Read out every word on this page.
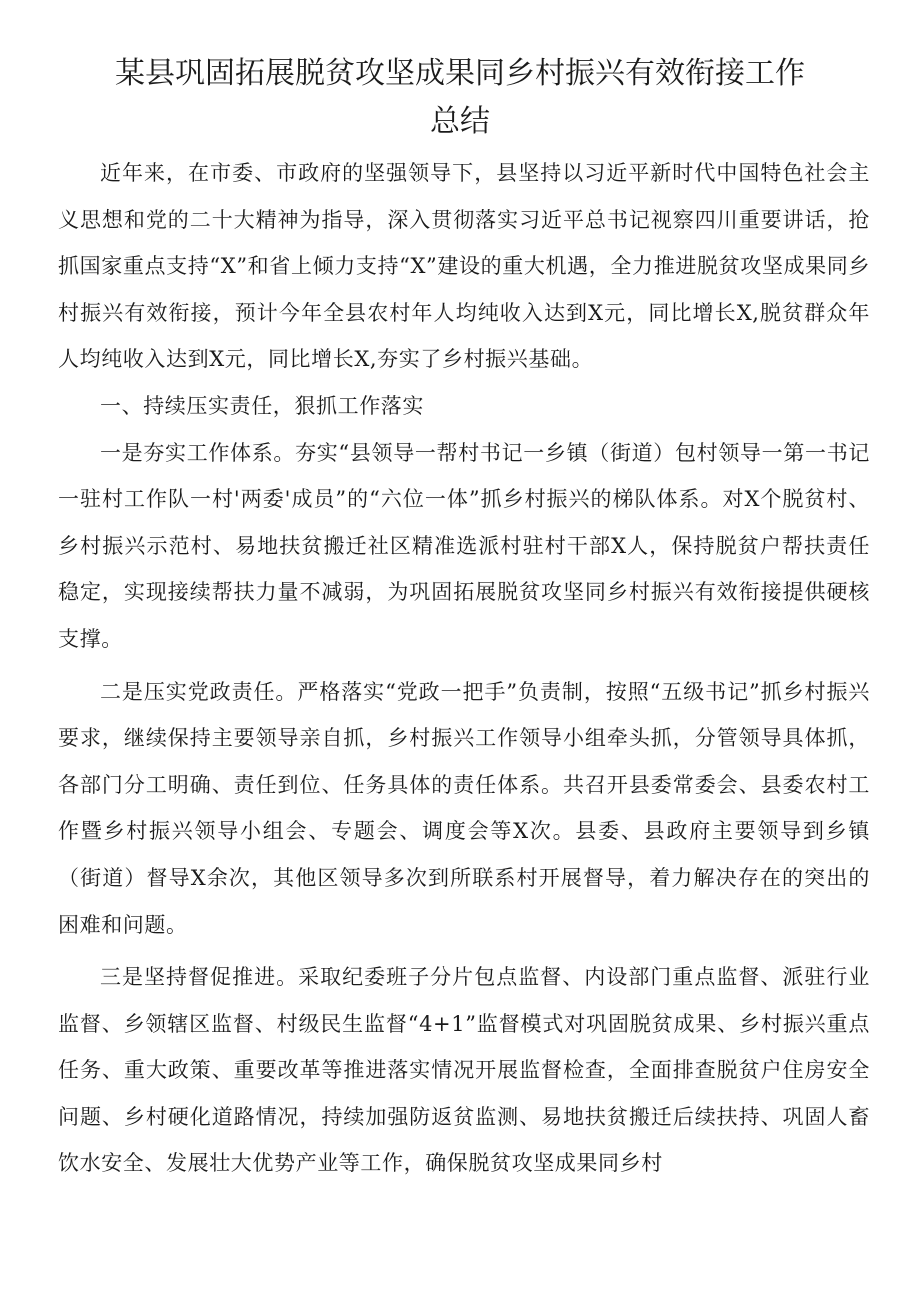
某县巩固拓展脱贫攻坚成果同乡村振兴有效衔接工作
总结

近年来，在市委、市政府的坚强领导下，县坚持以习近平新时代中国特色社会主义思想和党的二十大精神为指导，深入贯彻落实习近平总书记视察四川重要讲话，抢抓国家重点支持“X”和省上倾力支持“X”建设的重大机遇，全力推进脱贫攻坚成果同乡村振兴有效衔接，预计今年全县农村年人均纯收入达到X元，同比增长X,脱贫群众年人均纯收入达到X元，同比增长X,夯实了乡村振兴基础。

一、持续压实责任，狠抓工作落实

一是夯实工作体系。夯实“县领导一帮村书记一乡镇（街道）包村领导一第一书记一驻村工作队一村'两委'成员”的“六位一体”抓乡村振兴的梯队体系。对X个脱贫村、乡村振兴示范村、易地扶贫搬迁社区精准选派村驻村干部X人，保持脱贫户帮扶责任稳定，实现接续帮扶力量不减弱，为巩固拓展脱贫攻坚同乡村振兴有效衔接提供硬核支撑。

二是压实党政责任。严格落实“党政一把手”负责制，按照“五级书记”抓乡村振兴要求，继续保持主要领导亲自抓，乡村振兴工作领导小组牵头抓，分管领导具体抓，各部门分工明确、责任到位、任务具体的责任体系。共召开县委常委会、县委农村工作暨乡村振兴领导小组会、专题会、调度会等X次。县委、县政府主要领导到乡镇（街道）督导X余次，其他区领导多次到所联系村开展督导，着力解决存在的突出的困难和问题。

三是坚持督促推进。采取纪委班子分片包点监督、内设部门重点监督、派驻行业监督、乡领辖区监督、村级民生监督“4+1”监督模式对巩固脱贫成果、乡村振兴重点任务、重大政策、重要改革等推进落实情况开展监督检查，全面排查脱贫户住房安全问题、乡村硬化道路情况，持续加强防返贫监测、易地扶贫搬迁后续扶持、巩固人畜饮水安全、发展壮大优势产业等工作，确保脱贫攻坚成果同乡村
